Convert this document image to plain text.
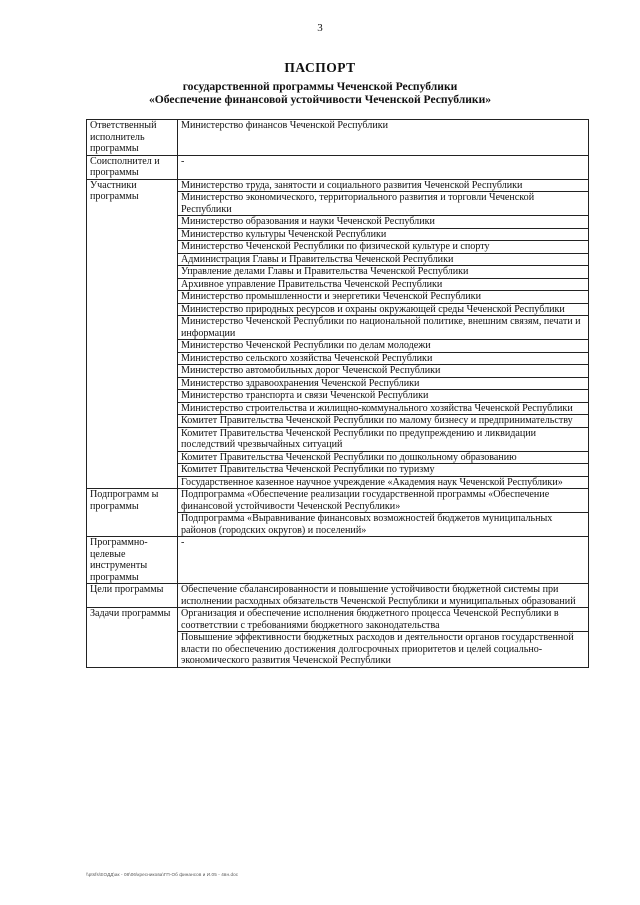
3
ПАСПОРТ
государственной программы Чеченской Республики
«Обеспечение финансовой устойчивости Чеченской Республики»
Ответственный исполнитель программы	Министерство финансов Чеченской Республики
Соисполнител и программы	-
Участники программы	Министерство труда, занятости и социального развития Чеченской Республики
	Министерство экономического, территориального развития и торговли Чеченской Республики
	Министерство образования и науки Чеченской Республики
	Министерство культуры Чеченской Республики
	Министерство Чеченской Республики по физической культуре и спорту
	Администрация Главы и Правительства Чеченской Республики
	Управление делами Главы и Правительства Чеченской Республики
	Архивное управление Правительства Чеченской Республики
	Министерство промышленности и энергетики Чеченской Республики
	Министерство природных ресурсов и охраны окружающей среды Чеченской Республики
	Министерство Чеченской Республики по национальной политике, внешним связям, печати и информации
	Министерство Чеченской Республики по делам молодежи
	Министерство сельского хозяйства Чеченской Республики
	Министерство автомобильных дорог Чеченской Республики
	Министерство здравоохранения Чеченской Республики
	Министерство транспорта и связи Чеченской Республики
	Министерство строительства и жилищно-коммунального хозяйства Чеченской Республики
	Комитет Правительства Чеченской Республики по малому бизнесу и предпринимательству
	Комитет Правительства Чеченской Республики по предупреждению и ликвидации последствий чрезвычайных ситуаций
	Комитет Правительства Чеченской Республики по дошкольному образованию
	Комитет Правительства Чеченской Республики по туризму
	Государственное казенное научное учреждение «Академия наук Чеченской Республики»
Подпрограмм ы программы	Подпрограмма «Обеспечение реализации государственной программы «Обеспечение финансовой устойчивости Чеченской Республики»
	Подпрограмма «Выравнивание финансовых возможностей бюджетов муниципальных районов (городских округов) и поселений»
Программно-целевые инструменты программы	-
Цели программы	Обеспечение сбалансированности и повышение устойчивости бюджетной системы при исполнении расходных обязательств Чеченской Республики и муниципальных образований
Задачи программы	Организация и обеспечение исполнения бюджетного процесса Чеченской Республики в соответствии с требованиями бюджетного законодательства
	Повышение эффективности бюджетных расходов и деятельности органов государственной власти по обеспечению достижения долгосрочных приоритетов и целей социально-экономического развития Чеченской Республики
\\ptsfs\ЕОДД\ак - 08\06\кресникова\ГП-Об финансов и И.05 - 4вн.doc
